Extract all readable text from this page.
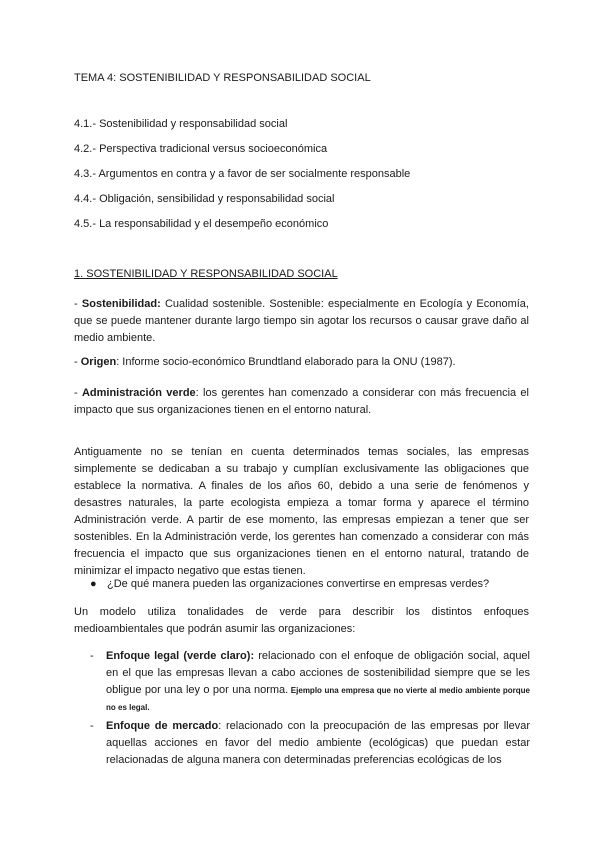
TEMA 4: SOSTENIBILIDAD Y RESPONSABILIDAD SOCIAL
4.1.- Sostenibilidad y responsabilidad social
4.2.- Perspectiva tradicional versus socioeconómica
4.3.- Argumentos en contra y a favor de ser socialmente responsable
4.4.- Obligación, sensibilidad y responsabilidad social
4.5.- La responsabilidad y el desempeño económico
1. SOSTENIBILIDAD Y RESPONSABILIDAD SOCIAL

- Sostenibilidad: Cualidad sostenible. Sostenible: especialmente en Ecología y Economía, que se puede mantener durante largo tiempo sin agotar los recursos o causar grave daño al medio ambiente.

- Origen: Informe socio-económico Brundtland elaborado para la ONU (1987).

- Administración verde: los gerentes han comenzado a considerar con más frecuencia el impacto que sus organizaciones tienen en el entorno natural.

Antiguamente no se tenían en cuenta determinados temas sociales, las empresas simplemente se dedicaban a su trabajo y cumplían exclusivamente las obligaciones que establece la normativa. A finales de los años 60, debido a una serie de fenómenos y desastres naturales, la parte ecologista empieza a tomar forma y aparece el término Administración verde. A partir de ese momento, las empresas empiezan a tener que ser sostenibles. En la Administración verde, los gerentes han comenzado a considerar con más frecuencia el impacto que sus organizaciones tienen en el entorno natural, tratando de minimizar el impacto negativo que estas tienen.

● ¿De qué manera pueden las organizaciones convertirse en empresas verdes?

Un modelo utiliza tonalidades de verde para describir los distintos enfoques medioambientales que podrán asumir las organizaciones:

- Enfoque legal (verde claro): relacionado con el enfoque de obligación social, aquel en el que las empresas llevan a cabo acciones de sostenibilidad siempre que se les obligue por una ley o por una norma. Ejemplo una empresa que no vierte al medio ambiente porque no es legal.

- Enfoque de mercado: relacionado con la preocupación de las empresas por llevar aquellas acciones en favor del medio ambiente (ecológicas) que puedan estar relacionadas de alguna manera con determinadas preferencias ecológicas de los
